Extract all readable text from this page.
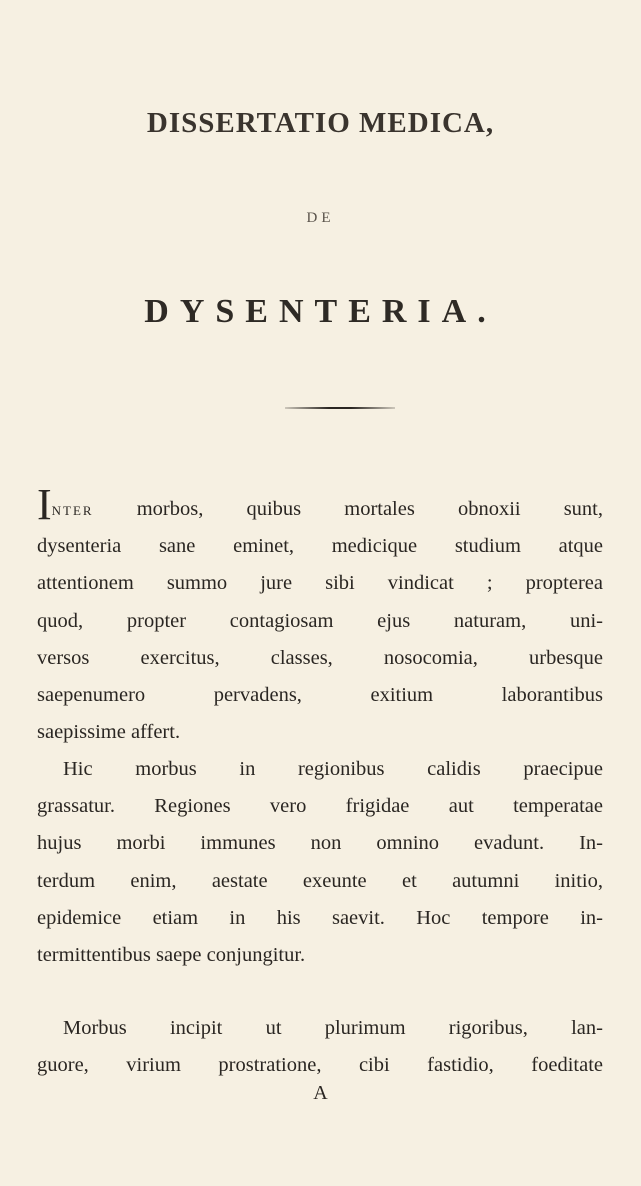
DISSERTATIO MEDICA,
DE
DYSENTERIA.
Inter morbos, quibus mortales obnoxii sunt,
dysenteria sane eminet, medicique studium atque
attentionem summo jure sibi vindicat ; propterea
quod, propter contagiosam ejus naturam, uni-
versos exercitus, classes, nosocomia, urbesque
saepenumero pervadens, exitium laborantibus
saepissime affert.
Hic morbus in regionibus calidis praecipue
grassatur. Regiones vero frigidae aut temperatae
hujus morbi immunes non omnino evadunt. In-
terdum enim, aestate exeunte et autumni initio,
epidemice etiam in his saevit. Hoc tempore in-
termittentibus saepe conjungitur.
Morbus incipit ut plurimum rigoribus, lan-
guore, virium prostratione, cibi fastidio, foeditate
A
